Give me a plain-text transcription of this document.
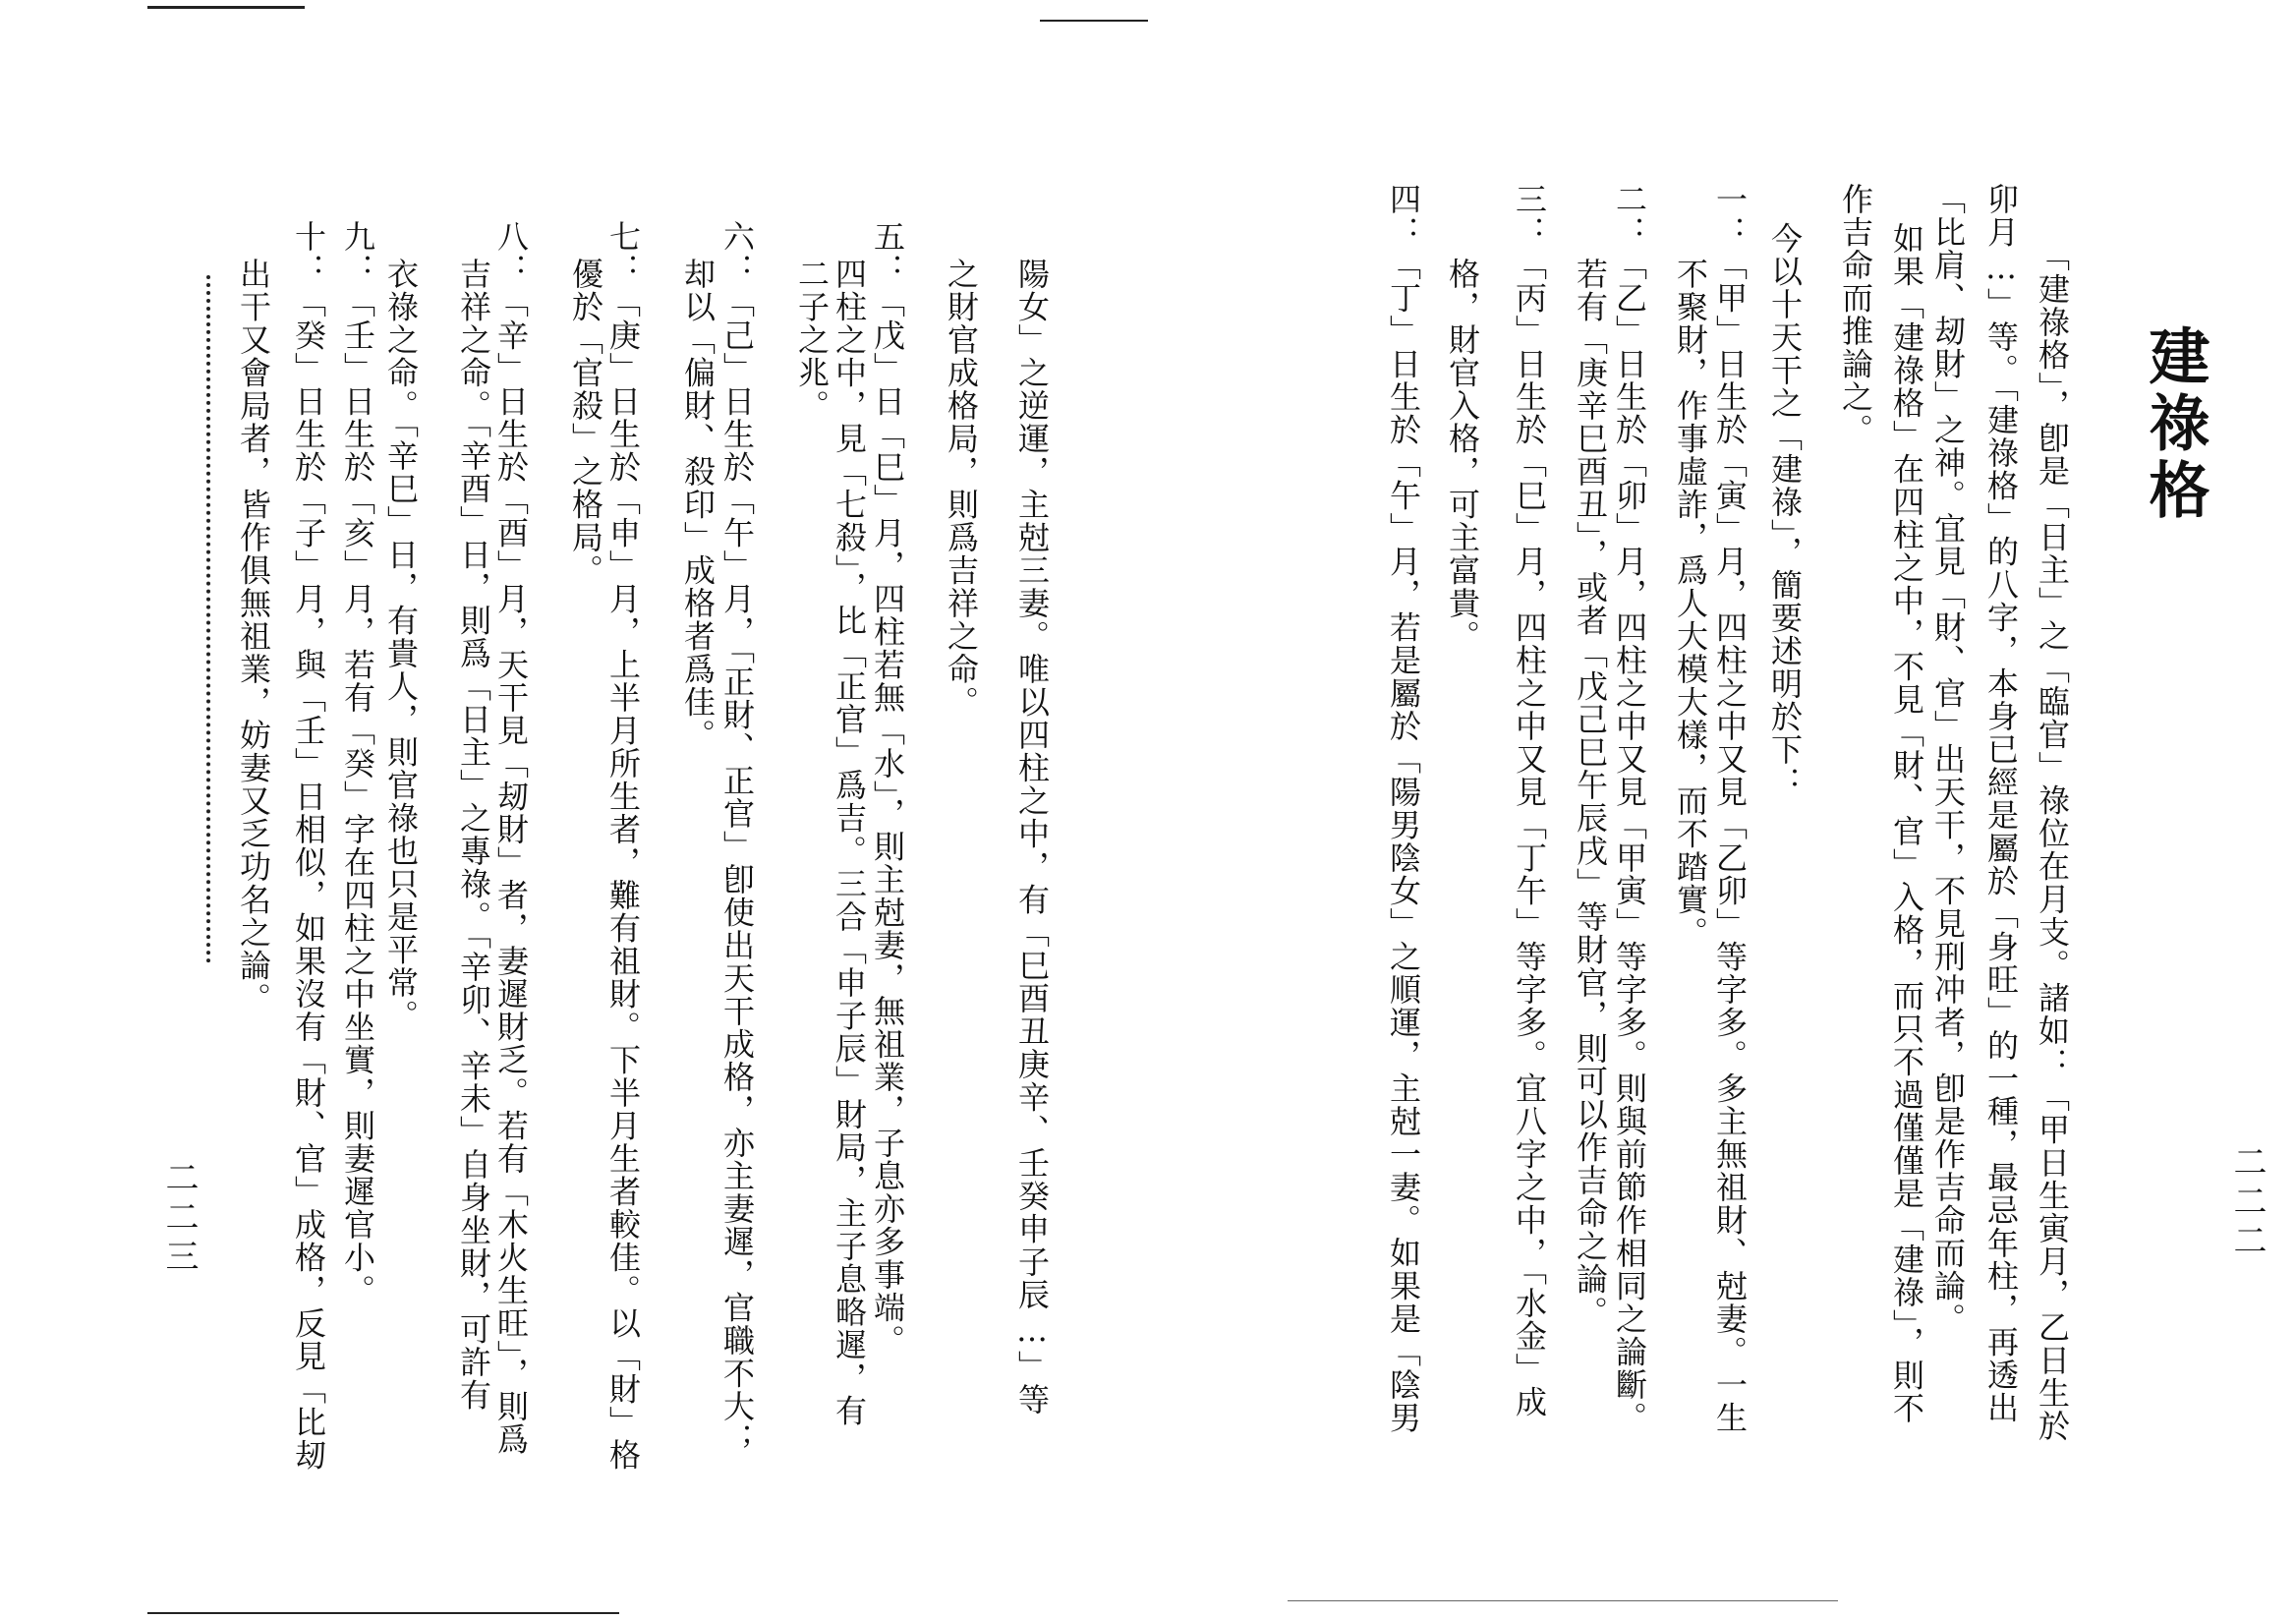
陽女」之逆運，主尅三妻。唯以四柱之中，有「巳酉丑庚辛、壬癸申子辰…」等
之財官成格局，則爲吉祥之命。
五：「戊」日「巳」月，四柱若無「水」，則主尅妻，無祖業，子息亦多事端。
四柱之中，見「七殺」，比「正官」爲吉。三合「申子辰」財局，主子息略遲，有
二子之兆。
六：「己」日生於「午」月，「正財、正官」卽使出天干成格，亦主妻遲，官職不大；
却以「偏財、殺印」成格者爲佳。
七：「庚」日生於「申」月，上半月所生者，難有祖財。下半月生者較佳。以「財」格
優於「官殺」之格局。
八：「辛」日生於「酉」月，天干見「刼財」者，妻遲財乏。若有「木火生旺」，則爲
吉祥之命。「辛酉」日，則爲「日主」之專祿。「辛卯、辛未」自身坐財，可許有
衣祿之命。「辛巳」日，有貴人，則官祿也只是平常。
九：「壬」日生於「亥」月，若有「癸」字在四柱之中坐實，則妻遲官小。
十：「癸」日生於「子」月，與「壬」日相似，如果沒有「財、官」成格，反見「比刼
出干又會局者，皆作俱無祖業，妨妻又乏功名之論。
二二三
建祿格
「建祿格」，卽是「日主」之「臨官」祿位在月支。諸如：「甲日生寅月，乙日生於
卯月…」等。「建祿格」的八字，本身已經是屬於「身旺」的一種，最忌年柱，再透出
「比肩、刼財」之神。宜見「財、官」出天干，不見刑冲者，卽是作吉命而論。
如果「建祿格」在四柱之中，不見「財、官」入格，而只不過僅僅是「建祿」，則不
作吉命而推論之。
今以十天干之「建祿」，簡要述明於下：
一：「甲」日生於「寅」月，四柱之中又見「乙卯」等字多。多主無祖財、尅妻。一生
不聚財，作事虛詐，爲人大模大樣，而不踏實。
二：「乙」日生於「卯」月，四柱之中又見「甲寅」等字多。則與前節作相同之論斷。
若有「庚辛巳酉丑」，或者「戊己巳午辰戌」等財官，則可以作吉命之論。
三：「丙」日生於「巳」月，四柱之中又見「丁午」等字多。宜八字之中，「水金」成
格，財官入格，可主富貴。
四：「丁」日生於「午」月，若是屬於「陽男陰女」之順運，主尅一妻。如果是「陰男	二二二
